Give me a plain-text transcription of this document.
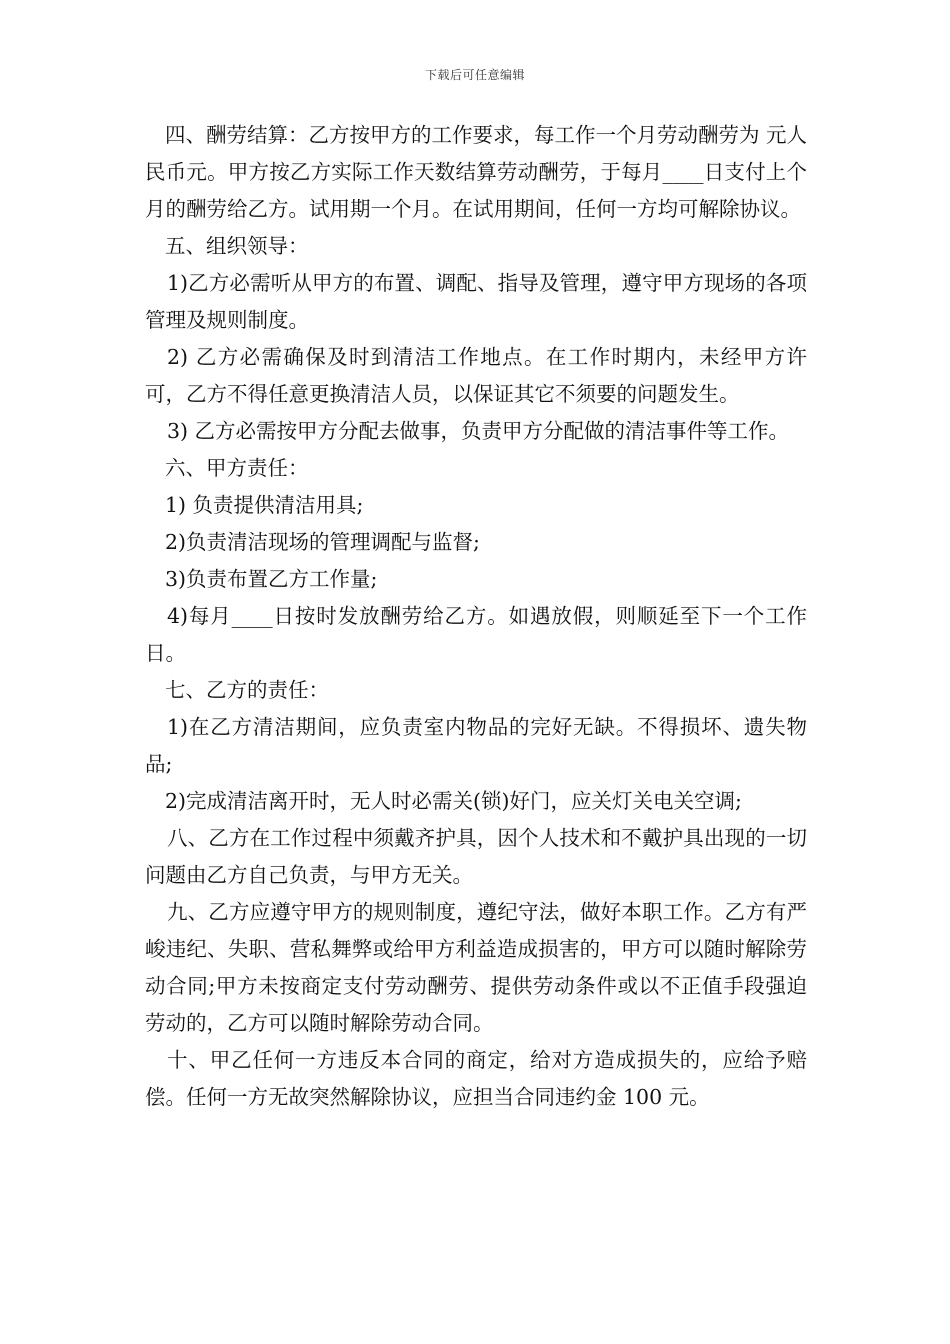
下载后可任意编辑

四、酬劳结算：乙方按甲方的工作要求，每工作一个月劳动酬劳为 元人民币元。甲方按乙方实际工作天数结算劳动酬劳，于每月____日支付上个月的酬劳给乙方。试用期一个月。在试用期间，任何一方均可解除协议。

五、组织领导：

1)乙方必需听从甲方的布置、调配、指导及管理，遵守甲方现场的各项管理及规则制度。

2) 乙方必需确保及时到清洁工作地点。在工作时期内，未经甲方许可，乙方不得任意更换清洁人员，以保证其它不须要的问题发生。

3) 乙方必需按甲方分配去做事，负责甲方分配做的清洁事件等工作。

六、甲方责任：

1) 负责提供清洁用具;

2)负责清洁现场的管理调配与监督;

3)负责布置乙方工作量;

4)每月____日按时发放酬劳给乙方。如遇放假，则顺延至下一个工作日。

七、乙方的责任：

1)在乙方清洁期间，应负责室内物品的完好无缺。不得损坏、遗失物品;

2)完成清洁离开时，无人时必需关(锁)好门，应关灯关电关空调;

八、乙方在工作过程中须戴齐护具，因个人技术和不戴护具出现的一切问题由乙方自己负责，与甲方无关。

九、乙方应遵守甲方的规则制度，遵纪守法，做好本职工作。乙方有严峻违纪、失职、营私舞弊或给甲方利益造成损害的，甲方可以随时解除劳动合同;甲方未按商定支付劳动酬劳、提供劳动条件或以不正值手段强迫劳动的，乙方可以随时解除劳动合同。

十、甲乙任何一方违反本合同的商定，给对方造成损失的，应给予赔偿。任何一方无故突然解除协议，应担当合同违约金 100 元。
